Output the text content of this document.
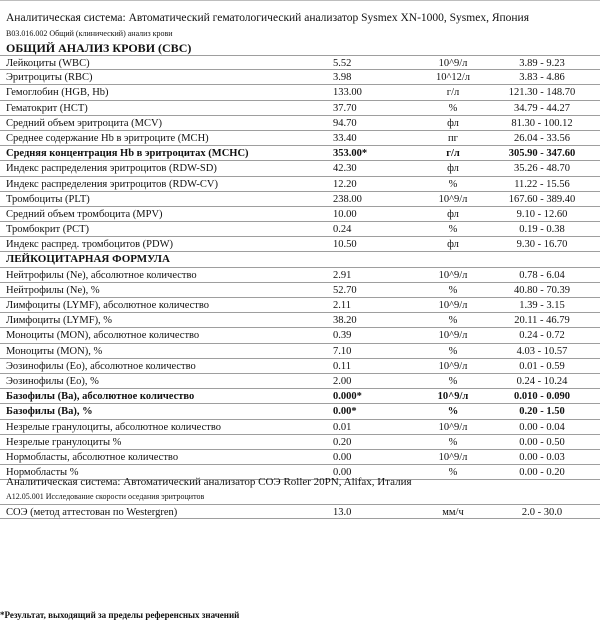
Аналитическая система: Автоматический гематологический анализатор Sysmex XN-1000, Sysmex, Япония
B03.016.002 Общий (клинический) анализ крови
ОБЩИЙ АНАЛИЗ КРОВИ (CBC)
Лейкоциты (WBC)	5.52	10^9/л	3.89 - 9.23
Эритроциты (RBC)	3.98	10^12/л	3.83 - 4.86
Гемоглобин (HGB, Hb)	133.00	г/л	121.30 - 148.70
Гематокрит (HCT)	37.70	%	34.79 - 44.27
Средний объем эритроцита (MCV)	94.70	фл	81.30 - 100.12
Среднее содержание Hb в эритроците (MCH)	33.40	пг	26.04 - 33.56
Средняя концентрация Hb в эритроцитах (MCHC)	353.00*	г/л	305.90 - 347.60
Индекс распределения эритроцитов (RDW-SD)	42.30	фл	35.26 - 48.70
Индекс распределения эритроцитов (RDW-CV)	12.20	%	11.22 - 15.56
Тромбоциты (PLT)	238.00	10^9/л	167.60 - 389.40
Средний объем тромбоцита (MPV)	10.00	фл	9.10 - 12.60
Тромбокрит (PCT)	0.24	%	0.19 - 0.38
Индекс распред. тромбоцитов (PDW)	10.50	фл	9.30 - 16.70
ЛЕЙКОЦИТАРНАЯ ФОРМУЛА
Нейтрофилы (Ne), абсолютное количество	2.91	10^9/л	0.78 - 6.04
Нейтрофилы (Ne), %	52.70	%	40.80 - 70.39
Лимфоциты (LYMF), абсолютное количество	2.11	10^9/л	1.39 - 3.15
Лимфоциты (LYMF), %	38.20	%	20.11 - 46.79
Моноциты (MON), абсолютное количество	0.39	10^9/л	0.24 - 0.72
Моноциты (MON), %	7.10	%	4.03 - 10.57
Эозинофилы (Eo), абсолютное количество	0.11	10^9/л	0.01 - 0.59
Эозинофилы (Eo), %	2.00	%	0.24 - 10.24
Базофилы (Ba), абсолютное количество	0.000*	10^9/л	0.010 - 0.090
Базофилы (Ba), %	0.00*	%	0.20 - 1.50
Незрелые гранулоциты, абсолютное количество	0.01	10^9/л	0.00 - 0.04
Незрелые гранулоциты %	0.20	%	0.00 - 0.50
Нормобласты, абсолютное количество	0.00	10^9/л	0.00 - 0.03
Нормобласты %	0.00	%	0.00 - 0.20
Аналитическая система: Автоматический анализатор СОЭ Roller 20PN, Alifax, Италия
A12.05.001 Исследование скорости оседания эритроцитов
СОЭ (метод аттестован по Westergren)	13.0	мм/ч	2.0 - 30.0
*Результат, выходящий за пределы референсных значений
